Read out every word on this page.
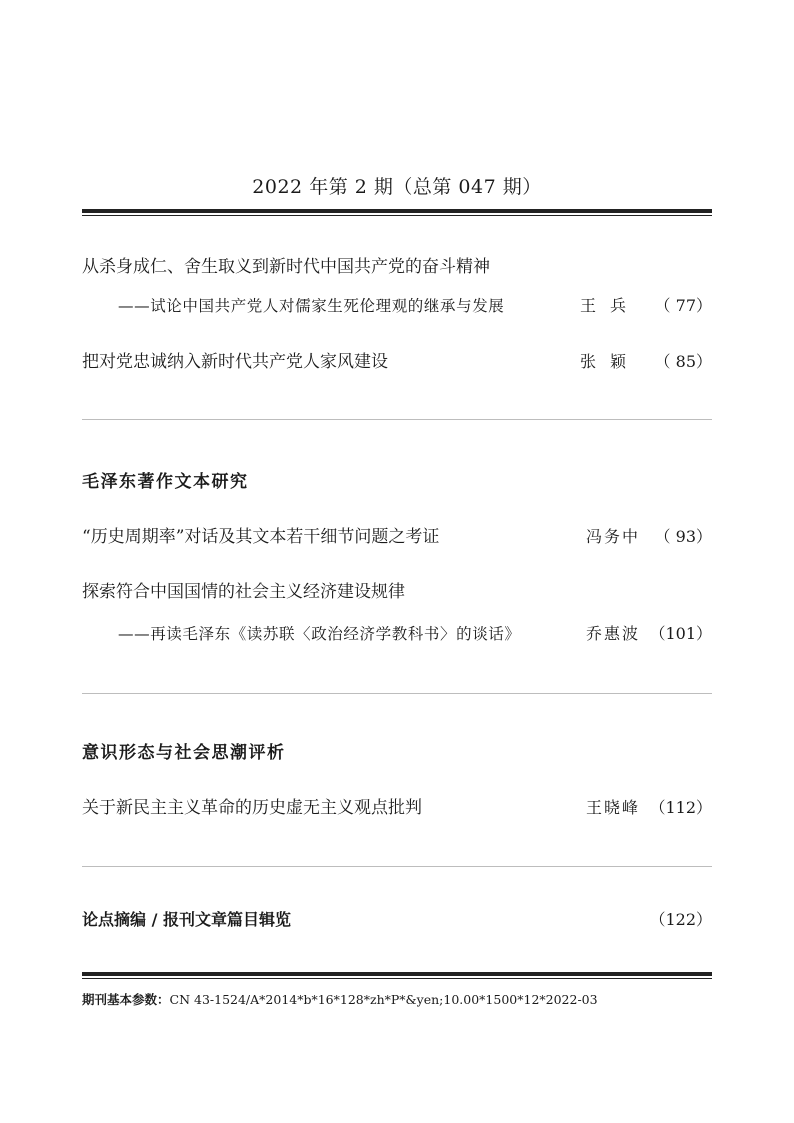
2022 年第 2 期（总第 047 期）
从杀身成仁、舍生取义到新时代中国共产党的奋斗精神
——试论中国共产党人对儒家生死伦理观的继承与发展	王兵 （ 77）
把对党忠诚纳入新时代共产党人家风建设	张颖 （ 85）
毛泽东著作文本研究
“历史周期率”对话及其文本若干细节问题之考证	冯务中 （ 93）
探索符合中国国情的社会主义经济建设规律
——再读毛泽东《读苏联〈政治经济学教科书〉的谈话》	乔惠波 （101）
意识形态与社会思潮评析
关于新民主主义革命的历史虚无主义观点批判	王晓峰 （112）
论点摘编 / 报刊文章篇目辑览	（122）
期刊基本参数：CN 43-1524/A*2014*b*16*128*zh*P*&yen;10.00*1500*12*2022-03
